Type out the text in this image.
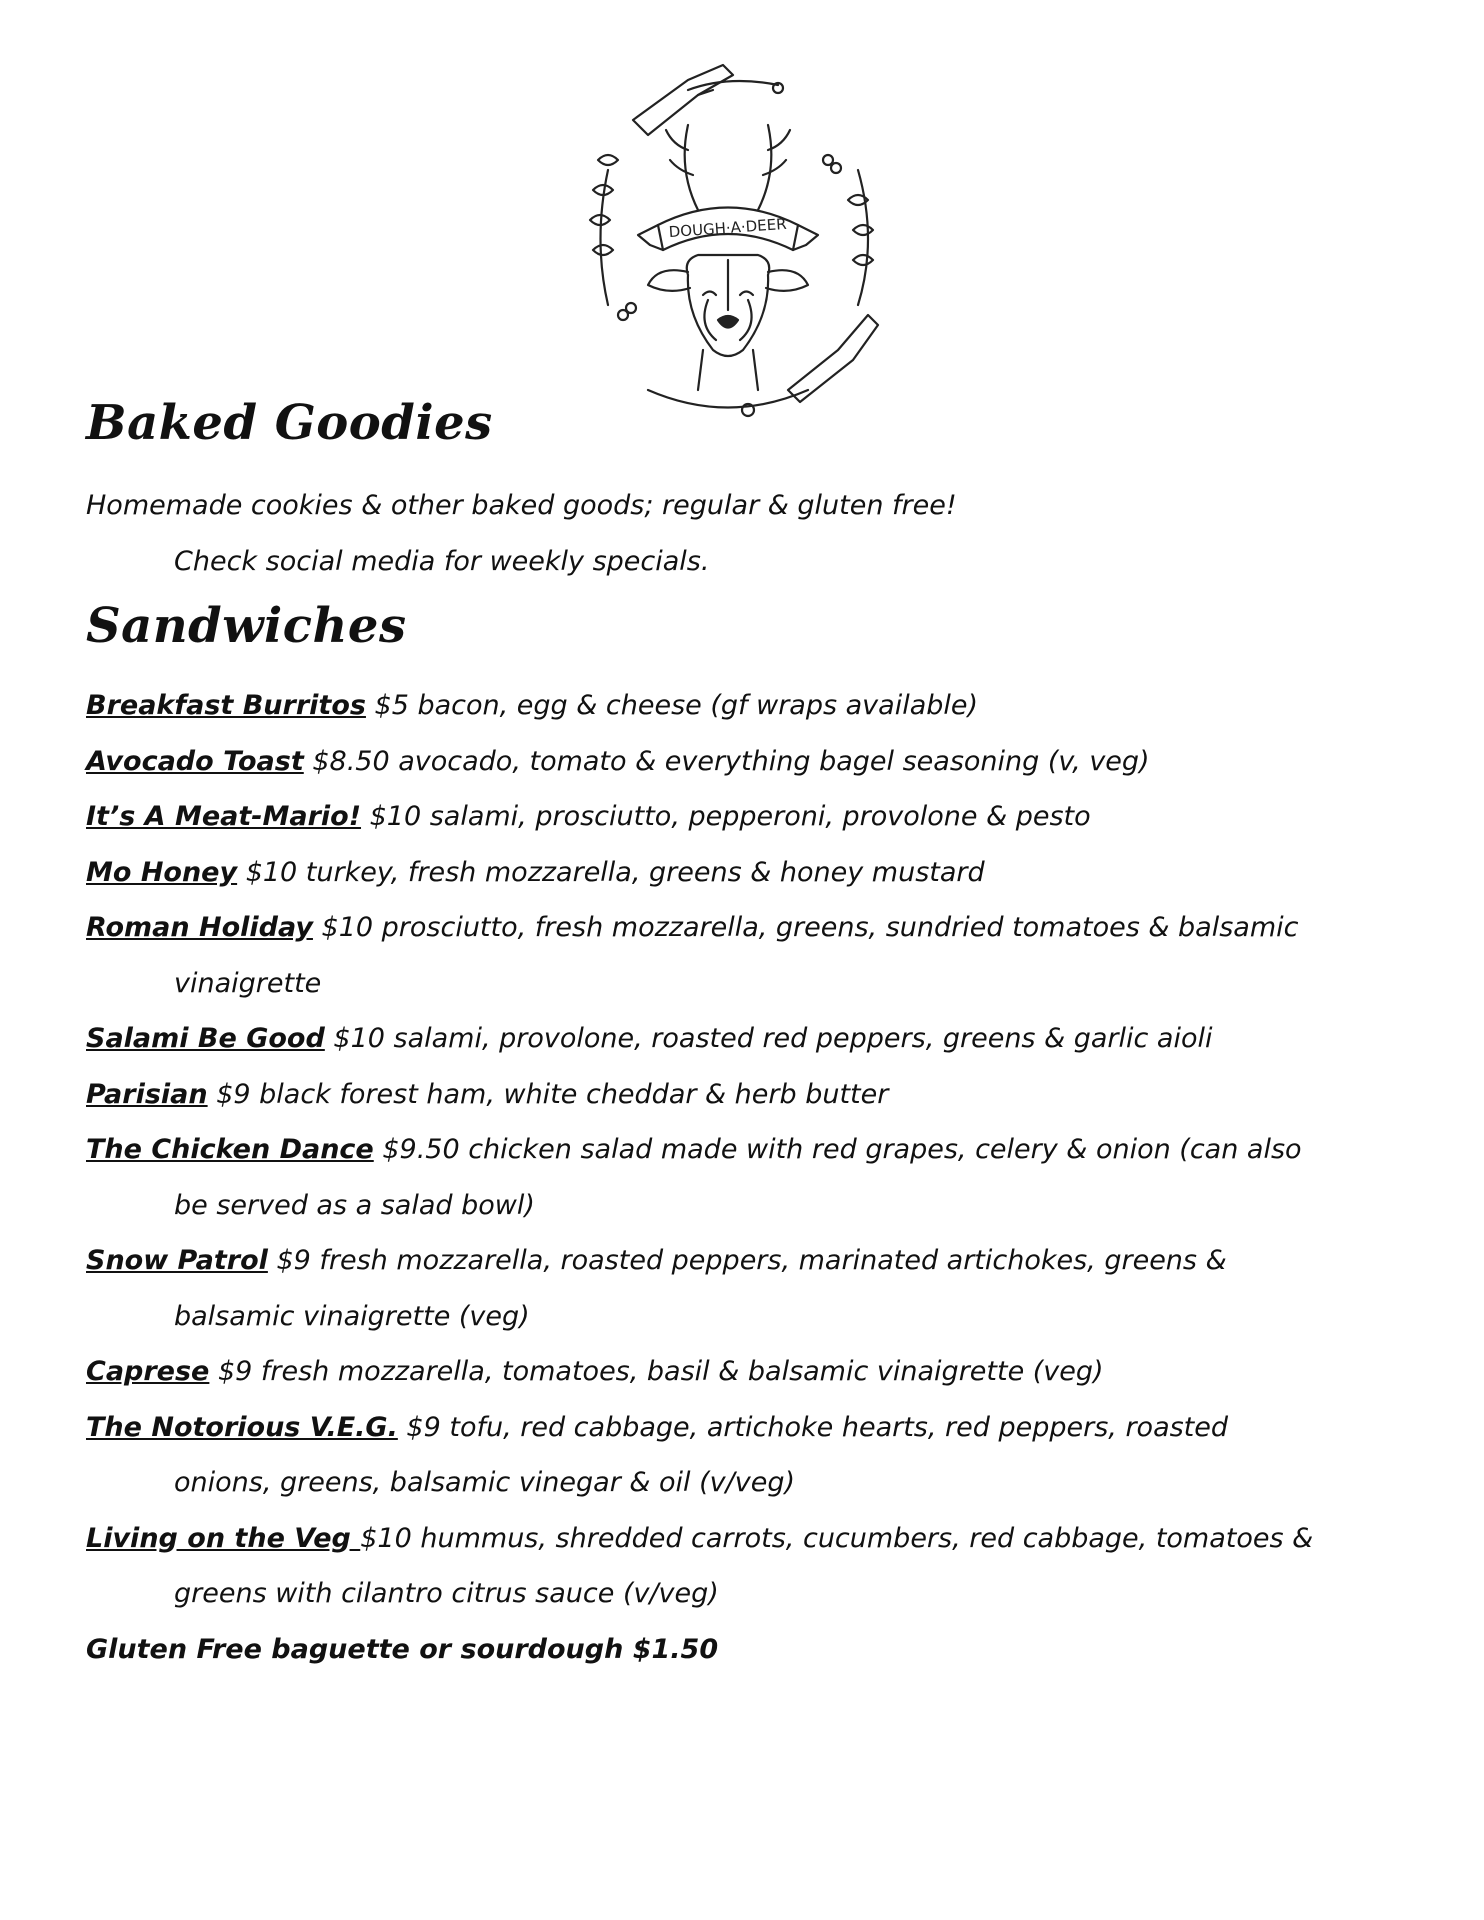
DOUGH·A·DEER
Baked Goodies

Homemade cookies & other baked goods; regular & gluten free!
Check social media for weekly specials.

Sandwiches
Breakfast Burritos $5 bacon, egg & cheese (gf wraps available)
Avocado Toast $8.50 avocado, tomato & everything bagel seasoning (v, veg)
It’s A Meat-Mario! $10 salami, prosciutto, pepperoni, provolone & pesto
Mo Honey $10 turkey, fresh mozzarella, greens & honey mustard
Roman Holiday $10 prosciutto, fresh mozzarella, greens, sundried tomatoes & balsamic
vinaigrette
Salami Be Good $10 salami, provolone, roasted red peppers, greens & garlic aioli
Parisian $9 black forest ham, white cheddar & herb butter
The Chicken Dance $9.50 chicken salad made with red grapes, celery & onion (can also
be served as a salad bowl)
Snow Patrol $9 fresh mozzarella, roasted peppers, marinated artichokes, greens &
balsamic vinaigrette (veg)
Caprese $9 fresh mozzarella, tomatoes, basil & balsamic vinaigrette (veg)
The Notorious V.E.G. $9 tofu, red cabbage, artichoke hearts, red peppers, roasted
onions, greens, balsamic vinegar & oil (v/veg)
Living on the Veg $10 hummus, shredded carrots, cucumbers, red cabbage, tomatoes &
greens with cilantro citrus sauce (v/veg)
Gluten Free baguette or sourdough $1.50
